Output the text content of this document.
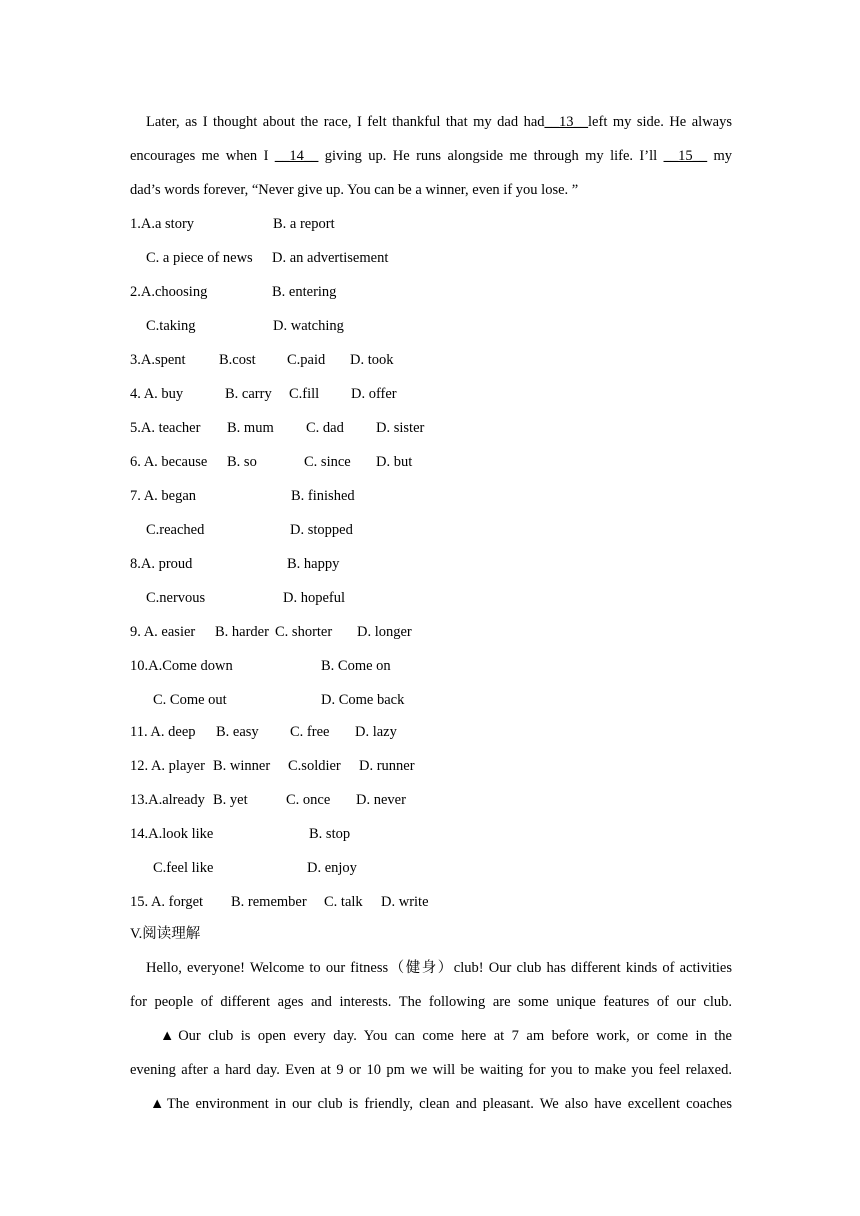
Later, as I thought about the race, I felt thankful that my dad had__13__left my side. He always
encourages me when I __14__ giving up. He runs alongside me through my life. I’ll __15__ my
dad’s words forever, “Never give up. You can be a winner, even if you lose. ”
1.A.a story	B. a report
C. a piece of news D. an advertisement
2.A.choosing	B. entering
C.taking	D. watching
3.A.spent B.cost C.paid D. took
4. A. buy	B. carry C.fill D. offer
5.A. teacher B. mum C. dad D. sister
6. A. because B. so	C. since D. but
7. A. began	B. finished
C.reached	D. stopped
8.A. proud	B. happy
C.nervous	D. hopeful
9. A. easier B. harder C. shorter D. longer
10.A.Come down	B. Come on
C. Come out	D. Come back
11. A. deep B. easy C. free D. lazy
12. A. player B. winner C.soldier D. runner
13.A.already B. yet	C. once D. never
14.A.look like	B. stop
C.feel like	D. enjoy
15. A. forget B. remember C. talk D. write
V.阅读理解
Hello, everyone! Welcome to our fitness（健身）club! Our club has different kinds of activities
for people of different ages and interests. The following are some unique features of our club.
▲Our club is open every day. You can come here at 7 am before work, or come in the
evening after a hard day. Even at 9 or 10 pm we will be waiting for you to make you feel relaxed.
▲The environment in our club is friendly, clean and pleasant. We also have excellent coaches
